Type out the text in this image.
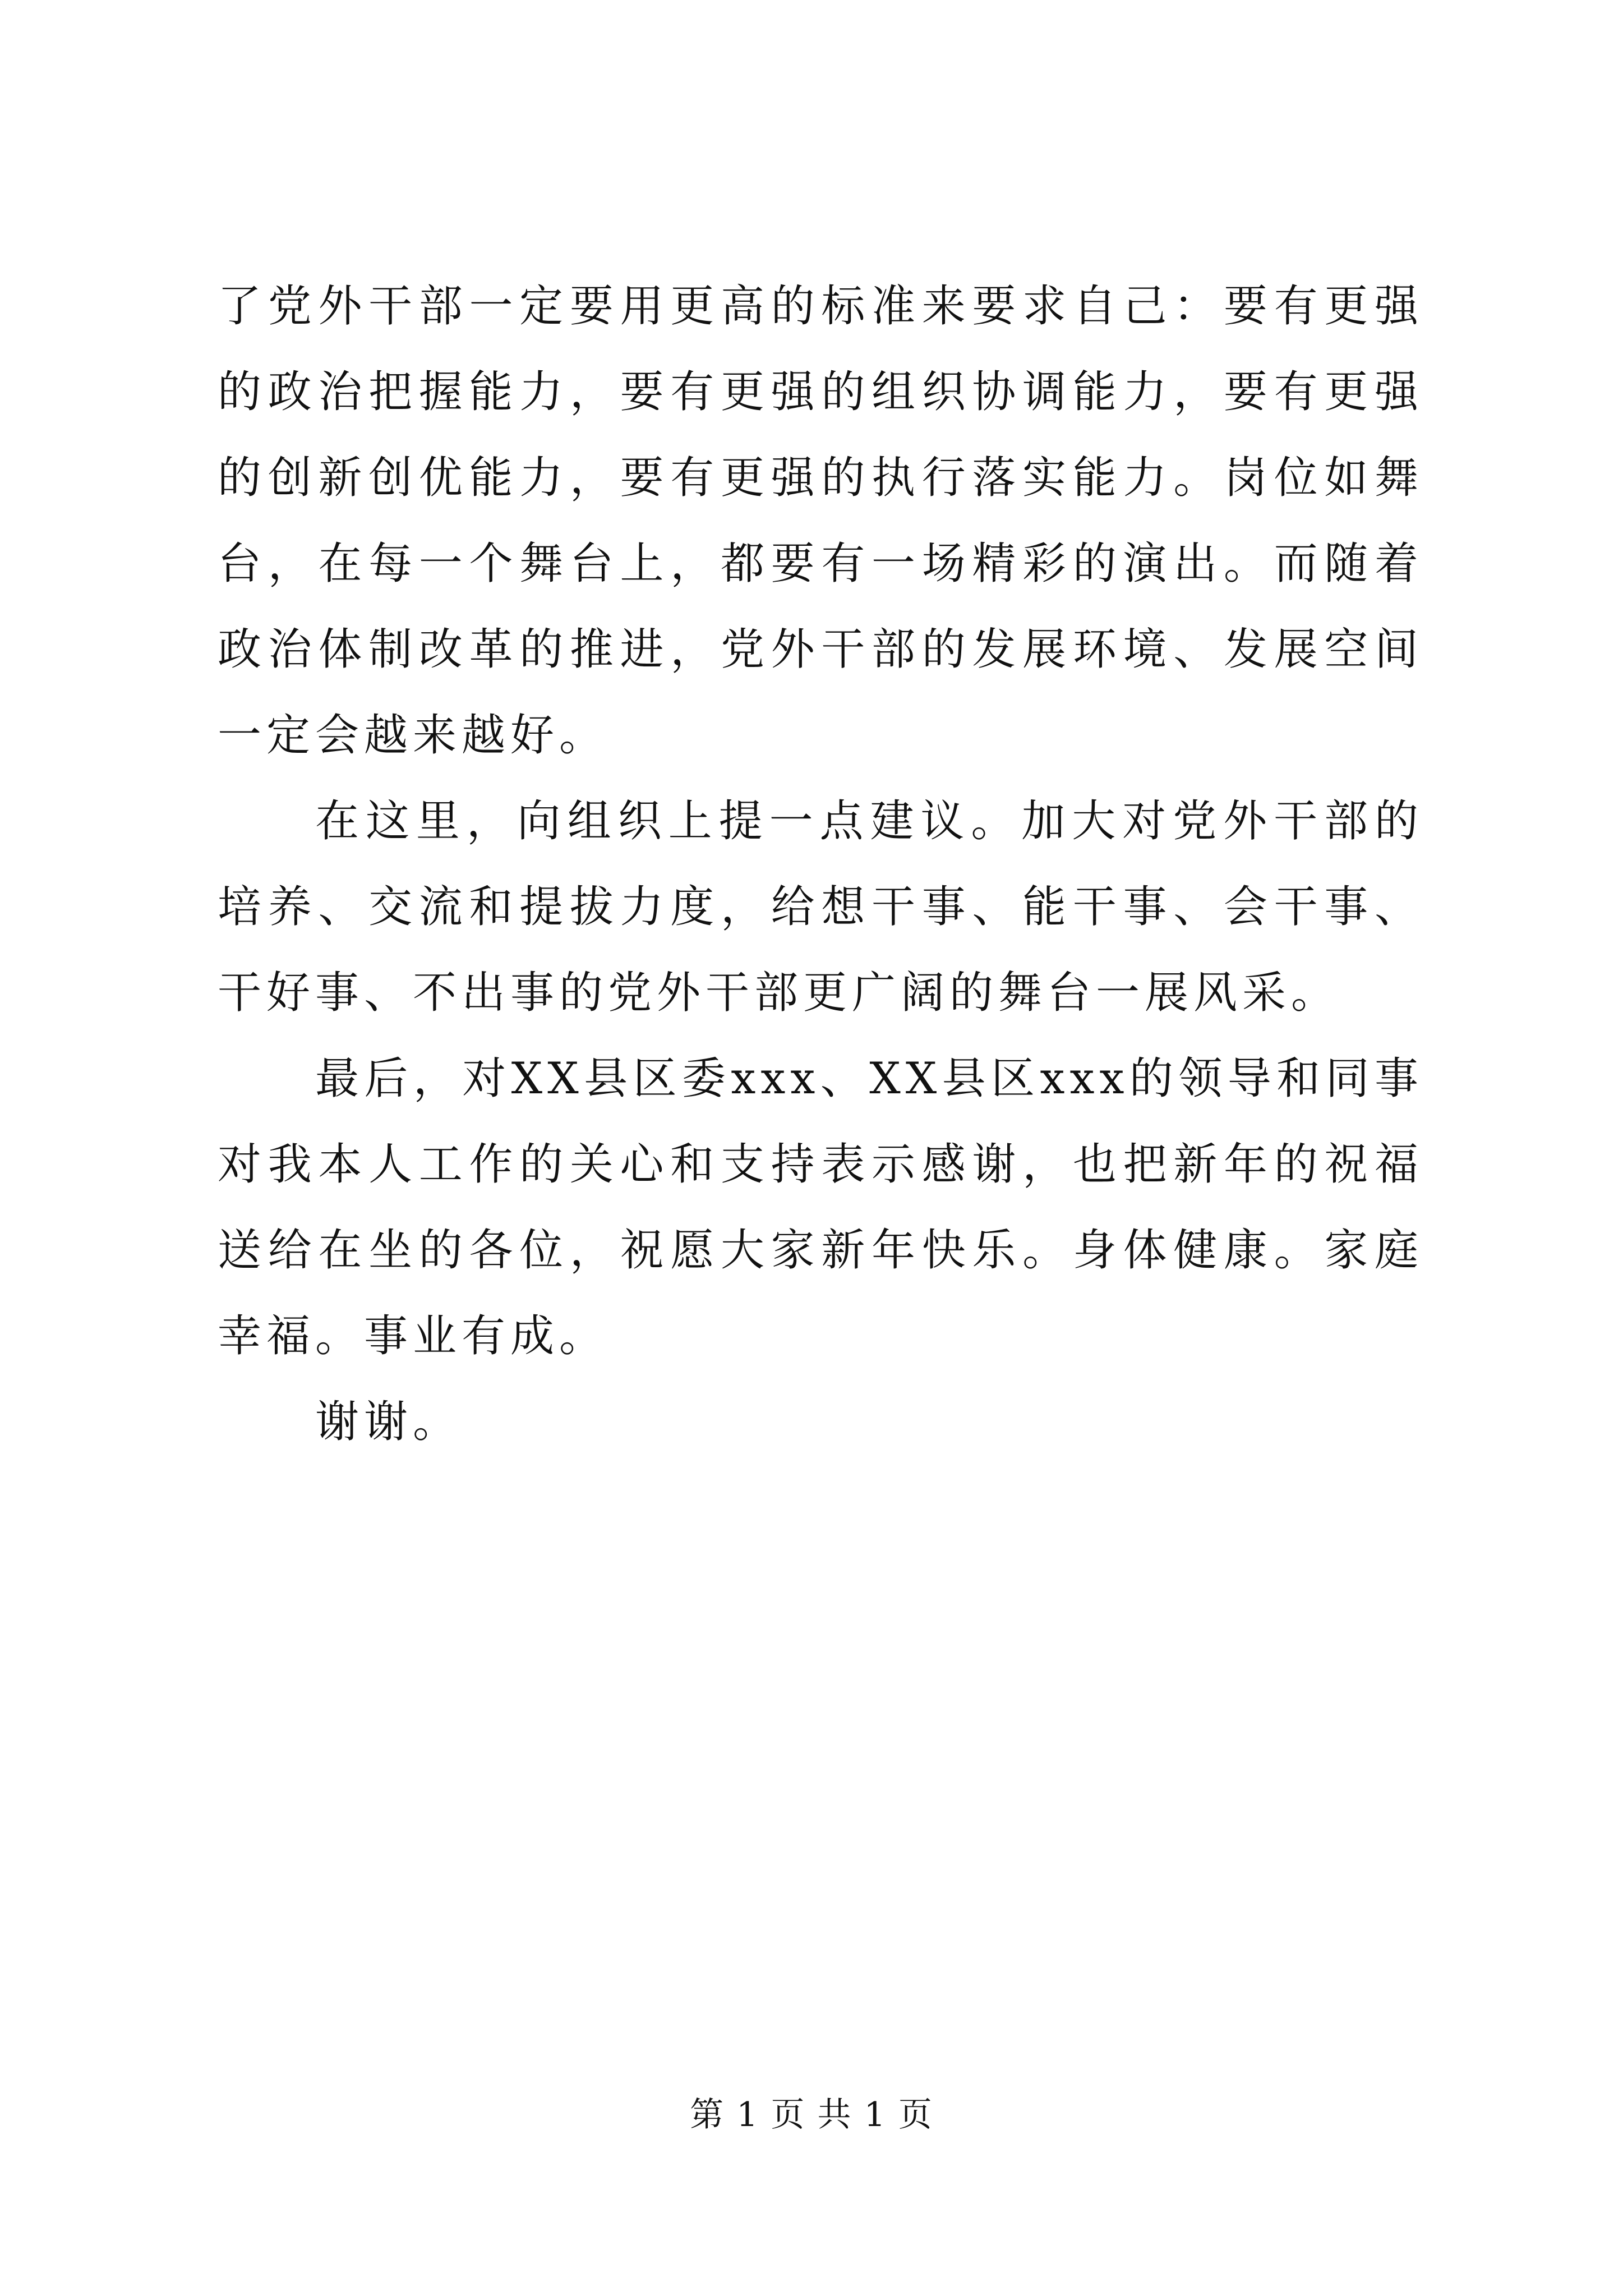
了党外干部一定要用更高的标准来要求自己：要有更强的政治把握能力，要有更强的组织协调能力，要有更强的创新创优能力，要有更强的执行落实能力。岗位如舞台，在每一个舞台上，都要有一场精彩的演出。而随着政治体制改革的推进，党外干部的发展环境、发展空间一定会越来越好。

在这里，向组织上提一点建议。加大对党外干部的培养、交流和提拔力度，给想干事、能干事、会干事、干好事、不出事的党外干部更广阔的舞台一展风采。

最后，对XX县区委xxx、XX县区xxx的领导和同事对我本人工作的关心和支持表示感谢，也把新年的祝福送给在坐的各位，祝愿大家新年快乐。身体健康。家庭幸福。事业有成。

谢谢。

第 1 页 共 1 页
